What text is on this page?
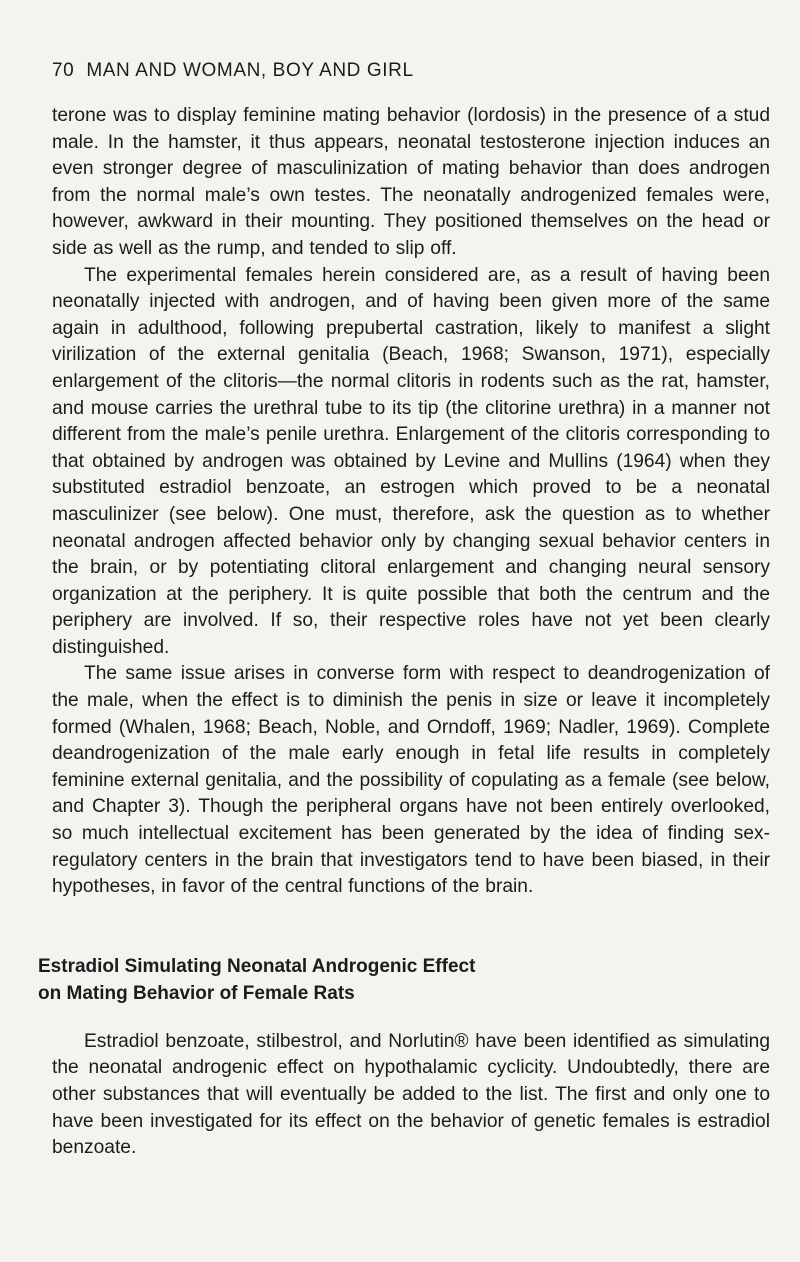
70 MAN AND WOMAN, BOY AND GIRL

terone was to display feminine mating behavior (lordosis) in the presence of a stud male. In the hamster, it thus appears, neonatal testosterone injection induces an even stronger degree of masculinization of mating behavior than does androgen from the normal male’s own testes. The neonatally androgenized females were, however, awkward in their mounting. They positioned themselves on the head or side as well as the rump, and tended to slip off.

The experimental females herein considered are, as a result of having been neonatally injected with androgen, and of having been given more of the same again in adulthood, following prepubertal castration, likely to manifest a slight virilization of the external genitalia (Beach, 1968; Swanson, 1971), especially enlargement of the clitoris—the normal clitoris in rodents such as the rat, hamster, and mouse carries the urethral tube to its tip (the clitorine urethra) in a manner not different from the male’s penile urethra. Enlargement of the clitoris corresponding to that obtained by androgen was obtained by Levine and Mullins (1964) when they substituted estradiol benzoate, an estrogen which proved to be a neonatal masculinizer (see below). One must, therefore, ask the question as to whether neonatal androgen affected behavior only by changing sexual behavior centers in the brain, or by potentiating clitoral enlargement and changing neural sensory organization at the periphery. It is quite possible that both the centrum and the periphery are involved. If so, their respective roles have not yet been clearly distinguished.

The same issue arises in converse form with respect to deandrogenization of the male, when the effect is to diminish the penis in size or leave it incompletely formed (Whalen, 1968; Beach, Noble, and Orndoff, 1969; Nadler, 1969). Complete deandrogenization of the male early enough in fetal life results in completely feminine external genitalia, and the possibility of copulating as a female (see below, and Chapter 3). Though the peripheral organs have not been entirely overlooked, so much intellectual excitement has been generated by the idea of finding sex-regulatory centers in the brain that investigators tend to have been biased, in their hypotheses, in favor of the central functions of the brain.

Estradiol Simulating Neonatal Androgenic Effect
on Mating Behavior of Female Rats

Estradiol benzoate, stilbestrol, and Norlutin® have been identified as simulating the neonatal androgenic effect on hypothalamic cyclicity. Undoubtedly, there are other substances that will eventually be added to the list. The first and only one to have been investigated for its effect on the behavior of genetic females is estradiol benzoate.
